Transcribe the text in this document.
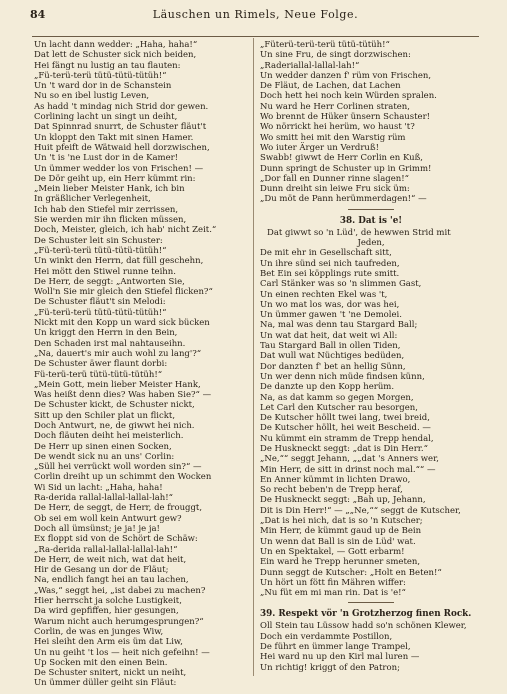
84	Läuschen un Rimels, Neue Folge.
Un lacht dann wedder: „Haha, haha!“
Dat lett de Schuster sick nich beiden,
Hei fängt nu lustig an tau flauten:
„Fü-terü-terü tütü-tütü-tütüh!“
Un 't ward dor in de Schanstein
Nu so en ibel lustig Leven,
As hadd 't mindag nich Strid dor gewen.
Corlining lacht un singt un deiht,
Dat Spinnrad snurrt, de Schuster fläut't
Un kloppt den Takt mit sinen Hamer.
Huit pfeift de Wätwaid hell dorzwischen,
Un 't is 'ne Lust dor in de Kamer!
Un ümmer wedder los von Frischen! —
De Dör geiht up, ein Herr kümmt rin:
„Mein lieber Meister Hank, ich bin
In gräßlicher Verlegenheit,
Ich hab den Stiefel mir zerrissen,
Sie werden mir ihn flicken müssen,
Doch, Meister, gleich, ich hab' nicht Zeit.“
De Schuster leit sin Schuster:
„Fü-terü-terü tütü-tütü-tütüh!“
Un winkt den Herrn, dat füll geschehn,
Hei mött den Stiwel runne teihn.
De Herr, de seggt: „Antworten Sie,
Woll'n Sie mir gleich den Stiefel flicken?“
De Schuster fläut't sin Melodi:
„Fü-terü-terü tütü-tütü-tütüh!“
Nickt mit den Kopp un ward sick bücken
Un kriggt den Herrn in den Bein,
Den Schaden irst mal nahtauseihn.
„Na, dauert's mir auch wohl zu lang'?“
De Schuster äwer flaunt dorbi:
Fü-terü-terü tütü-tütü-tütüh!“
„Mein Gott, mein lieber Meister Hank,
Was heißt denn dies? Was haben Sie?“ —
De Schuster kickt, de Schuster nickt,
Sitt up den Schiler plat un flickt,
Doch Antwurt, ne, de giwwt hei nich.
Doch fläuten deiht hei meisterlich.
De Herr up sinen einen Socken,
De wendt sick nu an uns' Corlin:
„Süll hei verrückt woll worden sin?“ —
Corlin dreiht up un schimmt den Wocken
Wi Sid un lacht: „Haha, haha!
Ra-derida rallal-lallal-lallal-lah!“
De Herr, de seggt, de Herr, de frouggt,
Ob sei em woll kein Antwurt gew?
Doch all ümsünst; je ja! je ja!
Ex floppt sid von de Schört de Schäw:
„Ra-derida rallal-lallal-lallal-lah!“
De Herr, de weit nich, wat dat heit,
Hir de Gesang un dor de Fläut;
Na, endlich fangt hei an tau lachen,
„Was,“ seggt hei, „ist dabei zu machen?
Hier herrscht ja solche Lustigkeit,
Da wird gepfiffen, hier gesungen,
Warum nicht auch herumgesprungen?“
Corlin, de was en junges Wiw,
Hei sleiht den Arm eis üm dat Liw,
Un nu geiht 't los — heit nich gefeihn! —
Up Socken mit den einen Bein.
De Schuster snitert, nickt un neiht,
Un ümmer düller geiht sin Fläut:
„Füterü-terü-terü tütü-tütüh!“
Un sine Fru, de singt dorzwischen:
„Raderiallal-lallal-lah!“
Un wedder danzen f' rüm von Frischen,
De Fläut, de Lachen, dat Lachen
Doch hett hei noch kein Würden spralen.
Nu ward he Herr Corlinen straten,
Wo brennt de Hüker ünsern Schauster!
Wo nörrickt hei herüm, wo haust 't?
Wo smitt hei mit den Warstig rüm
Wo iuter Ärger un Verdruß!
Swabb! giwwt de Herr Corlin en Kuß,
Dunn springt de Schuster up in Grimm!
„Dor fall en Dunner rinne slagen!“
Dunn dreiht sin leiwe Fru sick üm:
„Du möt de Pann herümmerdagen!“ —
38. Dat is 'e!
Dat giwwt so 'n Lüd', de hewwen Strid mit
Jeden,
De mit ehr in Gesellschaft sitt,
Un ihre sünd sei nich taufreden,
Bet Ein sei köpplings rute smitt.
Carl Stänker was so 'n slimmen Gast,
Un einen rechten Ekel was 't,
Un wo mat los was, dor was hei,
Un ümmer gawen 't 'ne Demolei.
Na, mal was denn tau Stargard Ball;
Un wat dat heit, dat weit wi All:
Tau Stargard Ball in ollen Tiden,
Dat wull wat Nüchtiges bedüden,
Dor danzten f' bet an hellig Sünn,
Un wer denn nich müde findsen künn,
De danzte up den Kopp herüm.
Na, as dat kamm so gegen Morgen,
Let Carl den Kutscher rau besorgen,
De Kutscher höllt twei lang, twei breid,
De Kutscher höllt, hei weit Bescheid. —
Nu kümmt ein stramm de Trepp hendal,
De Huskneckt seggt: „dat is Din Herr.“
„Ne,““ seggt Jehann, „„dat 's Anners wer,
Min Herr, de sitt in drinst noch mal.““ —
En Anner kümmt in lichten Drawo,
So recht beben'n de Trepp heraf,
De Huskneckt seggt: „Bah up, Jehann,
Dit is Din Herr!“ — „„Ne,““ seggt de Kutscher,
„Dat is hei nich, dat is so 'n Kutscher;
Min Herr, de kümmt gaud up de Bein
Un wenn dat Ball is sin de Lüd' wat.
Un en Spektakel, — Gott erbarm!
Ein ward he Trepp herunner smeten,
Dunn seggt de Kutscher: „Holt en Beten!“
Un hört un fött fin Mähren wiffer:
„Nu füt em mi man rin. Dat is 'e!“
39. Respekt vör 'n Grotzherzog finen Rock.
Oll Stein tau Lüssow hadd so'n schönen Klewer,
Doch ein verdammte Postillon,
De führt en ümmer lange Trampel,
Hei ward nu up den Kirl mal luren —
Un richtig! kriggt of den Patron;
